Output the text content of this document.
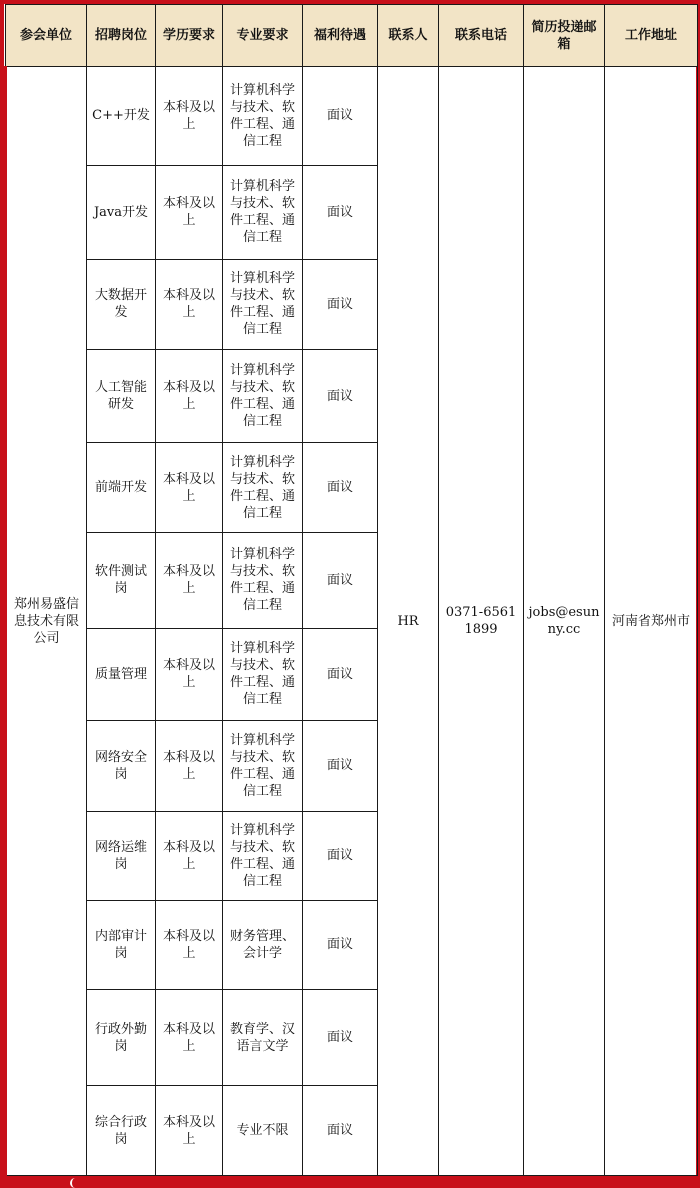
参会单位	招聘岗位	学历要求	专业要求	福利待遇	联系人	联系电话	简历投递邮箱	工作地址
郑州易盛信息技术有限公司	C++开发	本科及以上	计算机科学与技术、软件工程、通信工程	面议	HR	0371-65611899	jobs@esunny.cc	河南省郑州市
	Java开发	本科及以上	计算机科学与技术、软件工程、通信工程	面议				
	大数据开发	本科及以上	计算机科学与技术、软件工程、通信工程	面议				
	人工智能研发	本科及以上	计算机科学与技术、软件工程、通信工程	面议				
	前端开发	本科及以上	计算机科学与技术、软件工程、通信工程	面议				
	软件测试岗	本科及以上	计算机科学与技术、软件工程、通信工程	面议				
	质量管理	本科及以上	计算机科学与技术、软件工程、通信工程	面议				
	网络安全岗	本科及以上	计算机科学与技术、软件工程、通信工程	面议				
	网络运维岗	本科及以上	计算机科学与技术、软件工程、通信工程	面议				
	内部审计岗	本科及以上	财务管理、会计学	面议				
	行政外勤岗	本科及以上	教育学、汉语言文学	面议				
	综合行政岗	本科及以上	专业不限	面议				
